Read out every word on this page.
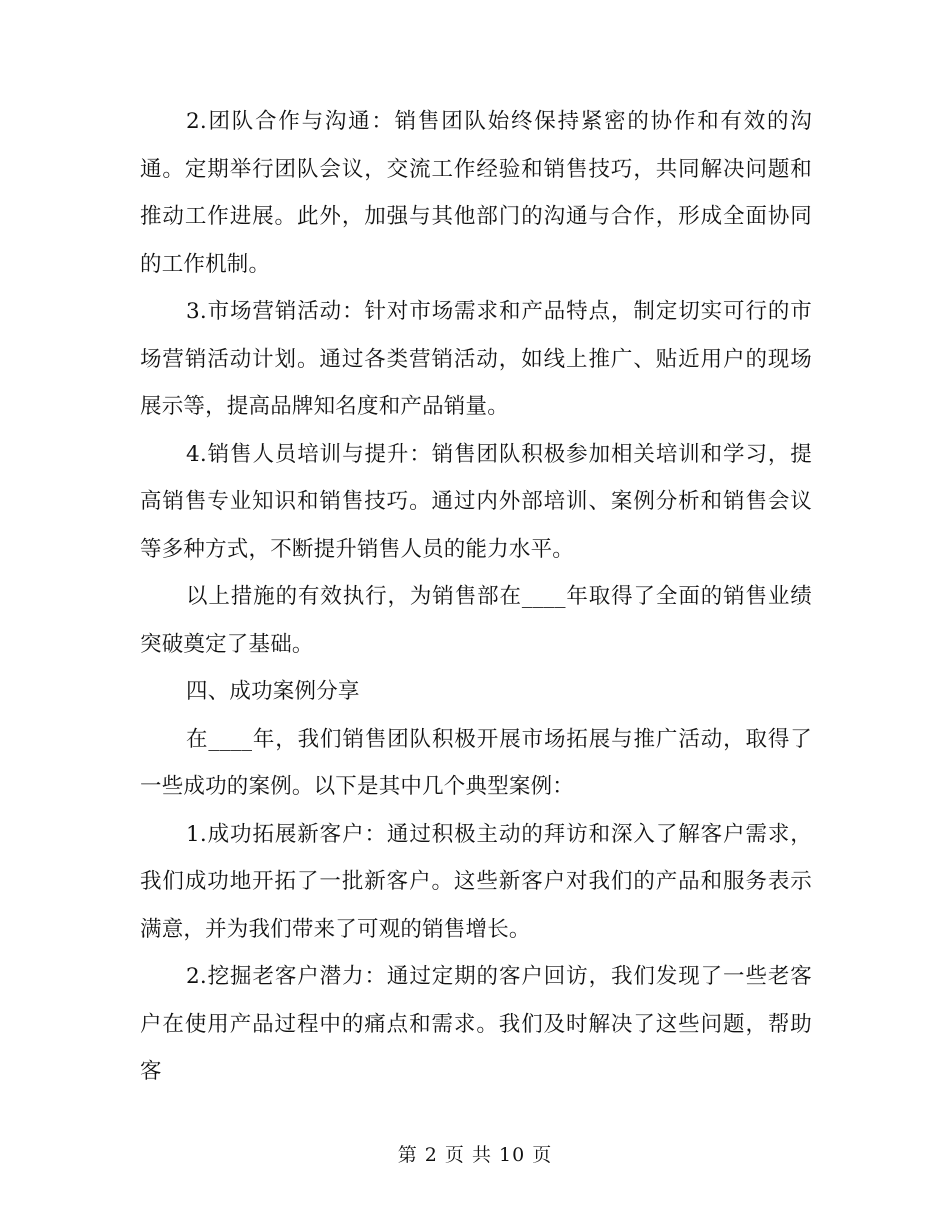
2.团队合作与沟通：销售团队始终保持紧密的协作和有效的沟通。定期举行团队会议，交流工作经验和销售技巧，共同解决问题和推动工作进展。此外，加强与其他部门的沟通与合作，形成全面协同的工作机制。

3.市场营销活动：针对市场需求和产品特点，制定切实可行的市场营销活动计划。通过各类营销活动，如线上推广、贴近用户的现场展示等，提高品牌知名度和产品销量。

4.销售人员培训与提升：销售团队积极参加相关培训和学习，提高销售专业知识和销售技巧。通过内外部培训、案例分析和销售会议等多种方式，不断提升销售人员的能力水平。

以上措施的有效执行，为销售部在____年取得了全面的销售业绩突破奠定了基础。

四、成功案例分享

在____年，我们销售团队积极开展市场拓展与推广活动，取得了一些成功的案例。以下是其中几个典型案例：

1.成功拓展新客户：通过积极主动的拜访和深入了解客户需求，我们成功地开拓了一批新客户。这些新客户对我们的产品和服务表示满意，并为我们带来了可观的销售增长。

2.挖掘老客户潜力：通过定期的客户回访，我们发现了一些老客户在使用产品过程中的痛点和需求。我们及时解决了这些问题，帮助客

第 2 页 共 10 页
